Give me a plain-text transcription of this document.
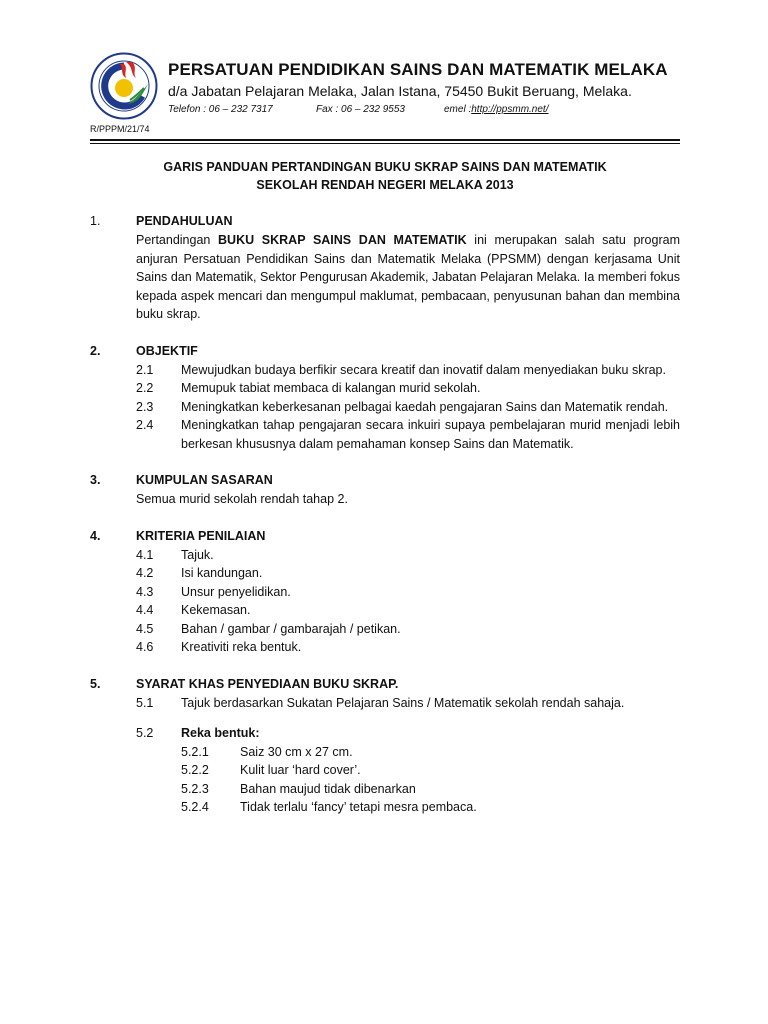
PERSATUAN PENDIDIKAN SAINS DAN MATEMATIK MELAKA
d/a Jabatan Pelajaran Melaka, Jalan Istana, 75450 Bukit Beruang, Melaka.
Telefon : 06 – 232 7317	Fax : 06 – 232 9553	emel :http://ppsmm.net/
R/PPPM/21/74
GARIS PANDUAN PERTANDINGAN BUKU SKRAP SAINS DAN MATEMATIK
SEKOLAH RENDAH NEGERI MELAKA 2013
1.	PENDAHULUAN
Pertandingan BUKU SKRAP SAINS DAN MATEMATIK ini merupakan salah satu program anjuran Persatuan Pendidikan Sains dan Matematik Melaka (PPSMM) dengan kerjasama Unit Sains dan Matematik, Sektor Pengurusan Akademik, Jabatan Pelajaran Melaka. Ia memberi fokus kepada aspek mencari dan mengumpul maklumat, pembacaan, penyusunan bahan dan membina buku skrap.
2.	OBJEKTIF
2.1 Mewujudkan budaya berfikir secara kreatif dan inovatif dalam menyediakan buku skrap.
2.2 Memupuk tabiat membaca di kalangan murid sekolah.
2.3 Meningkatkan keberkesanan pelbagai kaedah pengajaran Sains dan Matematik rendah.
2.4 Meningkatkan tahap pengajaran secara inkuiri supaya pembelajaran murid menjadi lebih berkesan khususnya dalam pemahaman konsep Sains dan Matematik.
3.	KUMPULAN SASARAN
Semua murid sekolah rendah tahap 2.
4.	KRITERIA PENILAIAN
4.1 Tajuk.
4.2 Isi kandungan.
4.3 Unsur penyelidikan.
4.4 Kekemasan.
4.5 Bahan / gambar / gambarajah / petikan.
4.6 Kreativiti reka bentuk.
5.	SYARAT KHAS PENYEDIAAN BUKU SKRAP.
5.1 Tajuk berdasarkan Sukatan Pelajaran Sains / Matematik sekolah rendah sahaja.
5.2 Reka bentuk:
5.2.1 Saiz 30 cm x 27 cm.
5.2.2 Kulit luar ‘hard cover’.
5.2.3 Bahan maujud tidak dibenarkan
5.2.4 Tidak terlalu ‘fancy’ tetapi mesra pembaca.
